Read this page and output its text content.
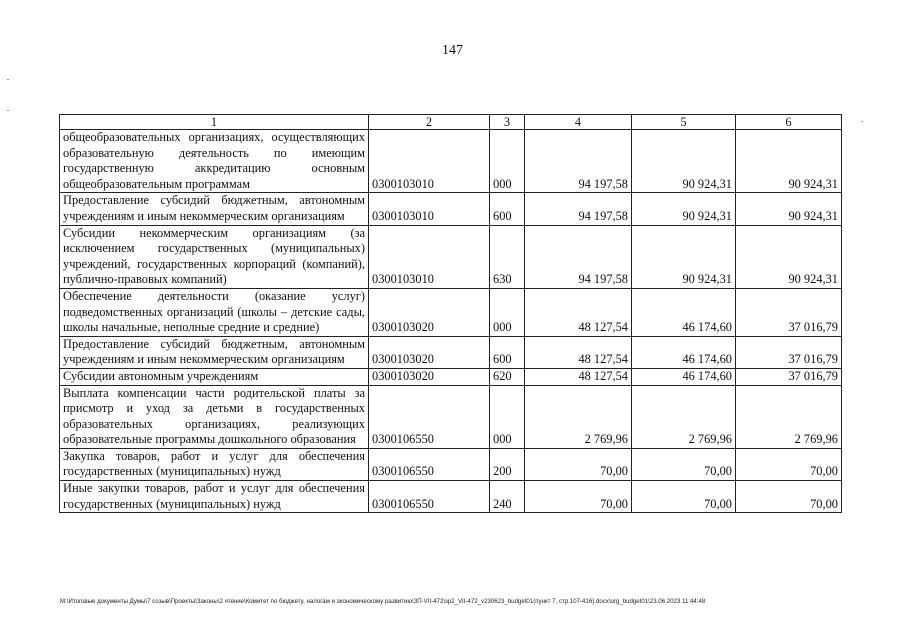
147
1	2	3	4	5	6
общеобразовательных организациях, осуществляющих образовательную деятельность по имеющим государственную аккредитацию основным общеобразовательным программам	0300103010	000	94 197,58	90 924,31	90 924,31
Предоставление субсидий бюджетным, автономным учреждениям и иным некоммерческим организациям	0300103010	600	94 197,58	90 924,31	90 924,31
Субсидии некоммерческим организациям (за исключением государственных (муниципальных) учреждений, государственных корпораций (компаний), публично-правовых компаний)	0300103010	630	94 197,58	90 924,31	90 924,31
Обеспечение деятельности (оказание услуг) подведомственных организаций (школы – детские сады, школы начальные, неполные средние и средние)	0300103020	000	48 127,54	46 174,60	37 016,79
Предоставление субсидий бюджетным, автономным учреждениям и иным некоммерческим организациям	0300103020	600	48 127,54	46 174,60	37 016,79
Субсидии автономным учреждениям	0300103020	620	48 127,54	46 174,60	37 016,79
Выплата компенсации части родительской платы за присмотр и уход за детьми в государственных образовательных организациях, реализующих образовательные программы дошкольного образования	0300106550	000	2 769,96	2 769,96	2 769,96
Закупка товаров, работ и услуг для обеспечения государственных (муниципальных) нужд	0300106550	200	70,00	70,00	70,00
Иные закупки товаров, работ и услуг для обеспечения государственных (муниципальных) нужд	0300106550	240	70,00	70,00	70,00
M:\Итоговые документы Думы\7 созыв\Проекты\Законы\2 чтение\Комитет по бюджету, налогам и экономическому развитию\ЗП-VII-472\зр2_VII-472_v230623_budget01(пункт 7, стр.107-416).docx\org_budget01\23.06.2023 11:44:48
